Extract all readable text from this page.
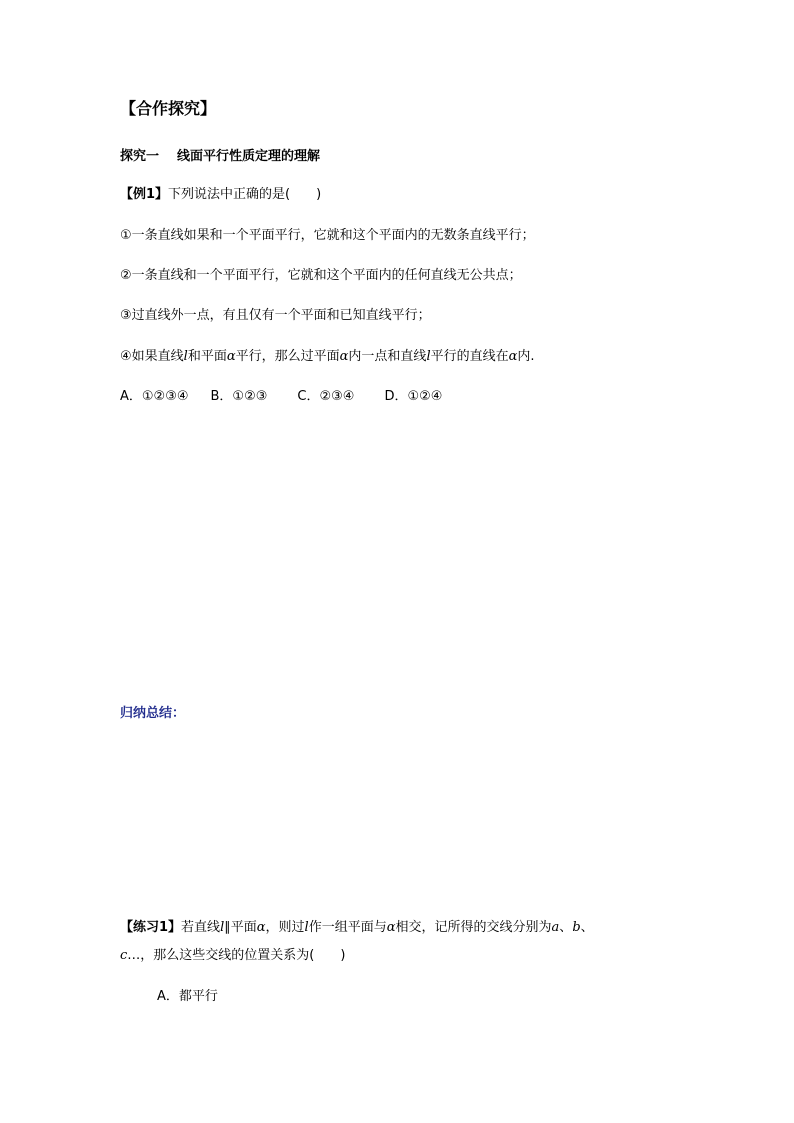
【合作探究】
探究一 线面平行性质定理的理解
【例1】下列说法中正确的是(　　)
①一条直线如果和一个平面平行，它就和这个平面内的无数条直线平行；
②一条直线和一个平面平行，它就和这个平面内的任何直线无公共点；
③过直线外一点，有且仅有一个平面和已知直线平行；
④如果直线l和平面α平行，那么过平面α内一点和直线l平行的直线在α内.
A．①②③④ B．①②③ C．②③④ D．①②④
归纳总结：
【练习1】若直线l∥平面α，则过l作一组平面与α相交，记所得的交线分别为a、b、
c…，那么这些交线的位置关系为(　　)
A．都平行
